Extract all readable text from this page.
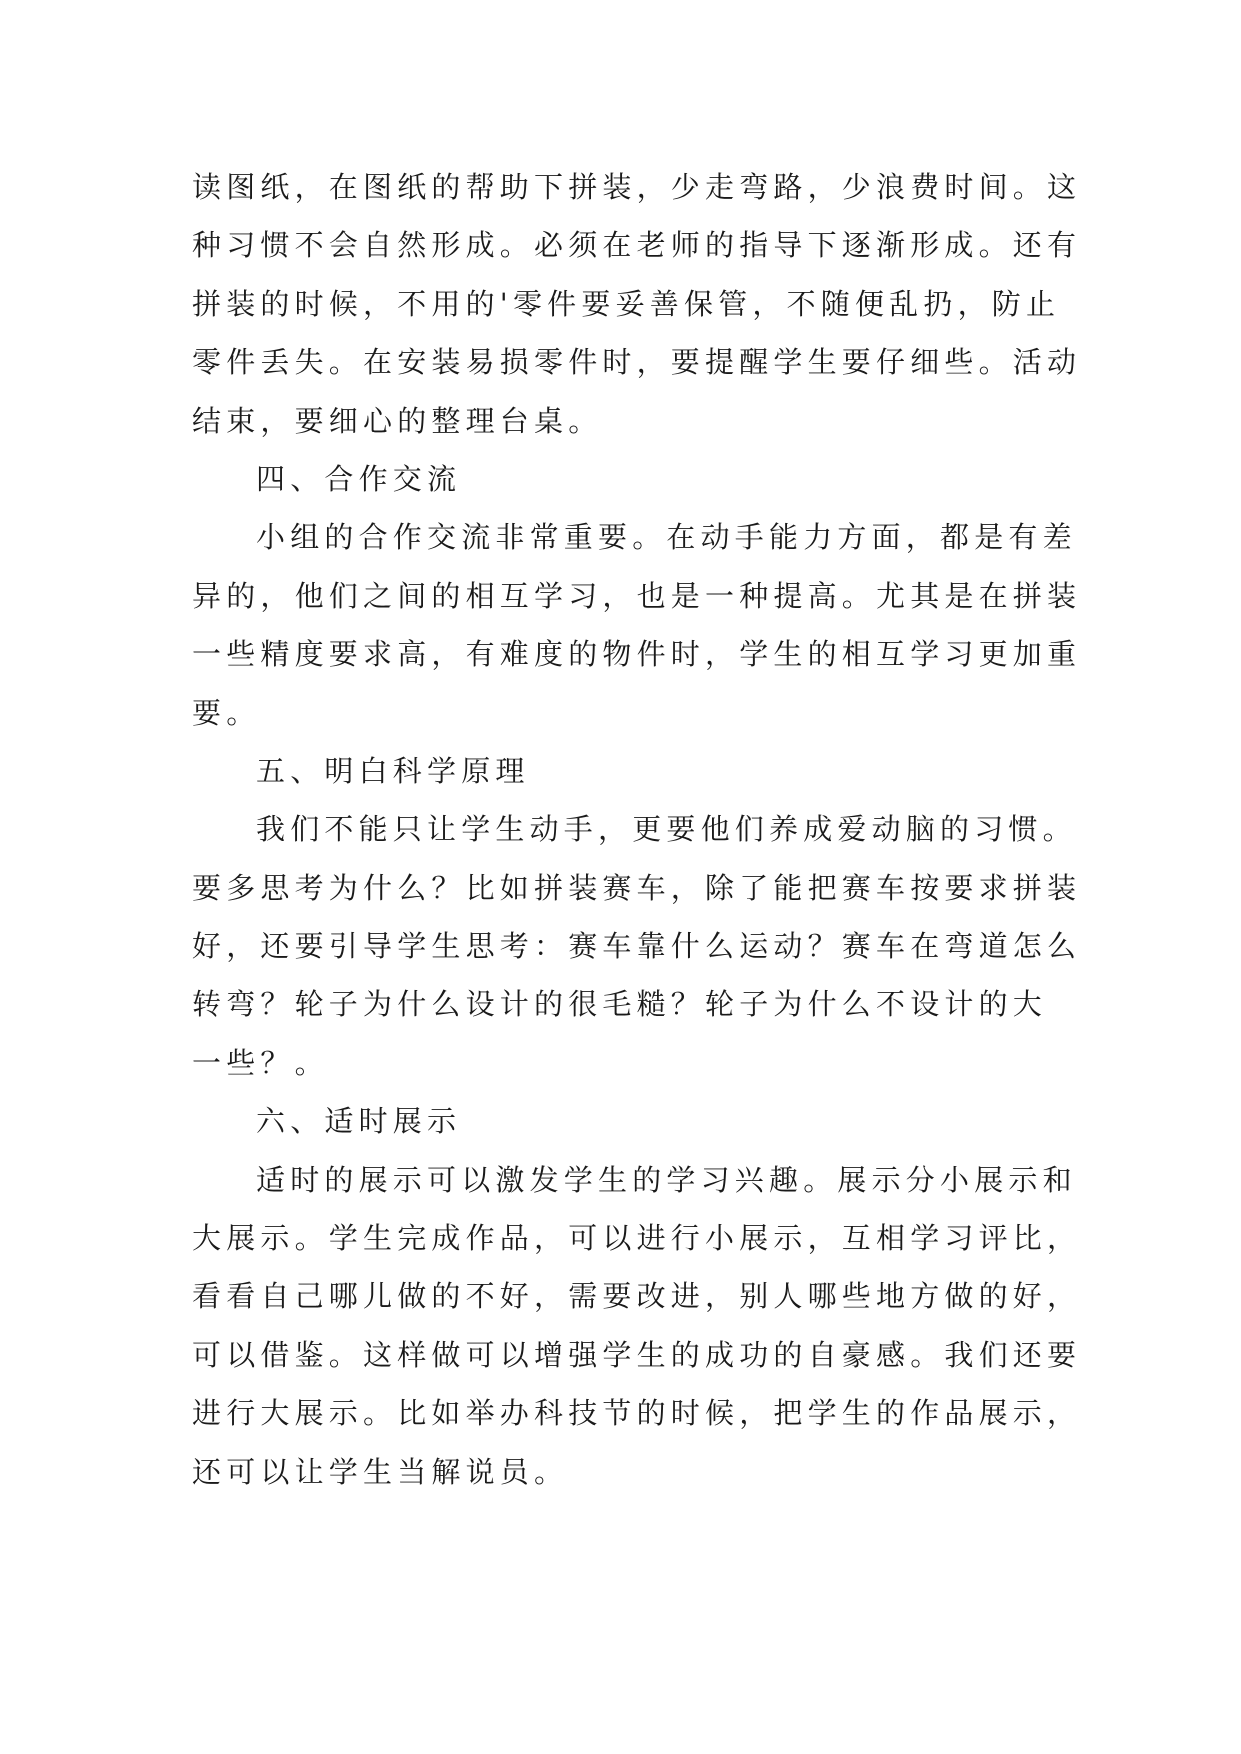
读图纸，在图纸的帮助下拼装，少走弯路，少浪费时间。这
种习惯不会自然形成。必须在老师的指导下逐渐形成。还有
拼装的时候，不用的'零件要妥善保管，不随便乱扔，防止
零件丢失。在安装易损零件时，要提醒学生要仔细些。活动
结束，要细心的整理台桌。
四、合作交流
小组的合作交流非常重要。在动手能力方面，都是有差
异的，他们之间的相互学习，也是一种提高。尤其是在拼装
一些精度要求高，有难度的物件时，学生的相互学习更加重
要。
五、明白科学原理
我们不能只让学生动手，更要他们养成爱动脑的习惯。
要多思考为什么？比如拼装赛车，除了能把赛车按要求拼装
好，还要引导学生思考：赛车靠什么运动？赛车在弯道怎么
转弯？轮子为什么设计的很毛糙？轮子为什么不设计的大
一些？。
六、适时展示
适时的展示可以激发学生的学习兴趣。展示分小展示和
大展示。学生完成作品，可以进行小展示，互相学习评比，
看看自己哪儿做的不好，需要改进，别人哪些地方做的好，
可以借鉴。这样做可以增强学生的成功的自豪感。我们还要
进行大展示。比如举办科技节的时候，把学生的作品展示，
还可以让学生当解说员。
